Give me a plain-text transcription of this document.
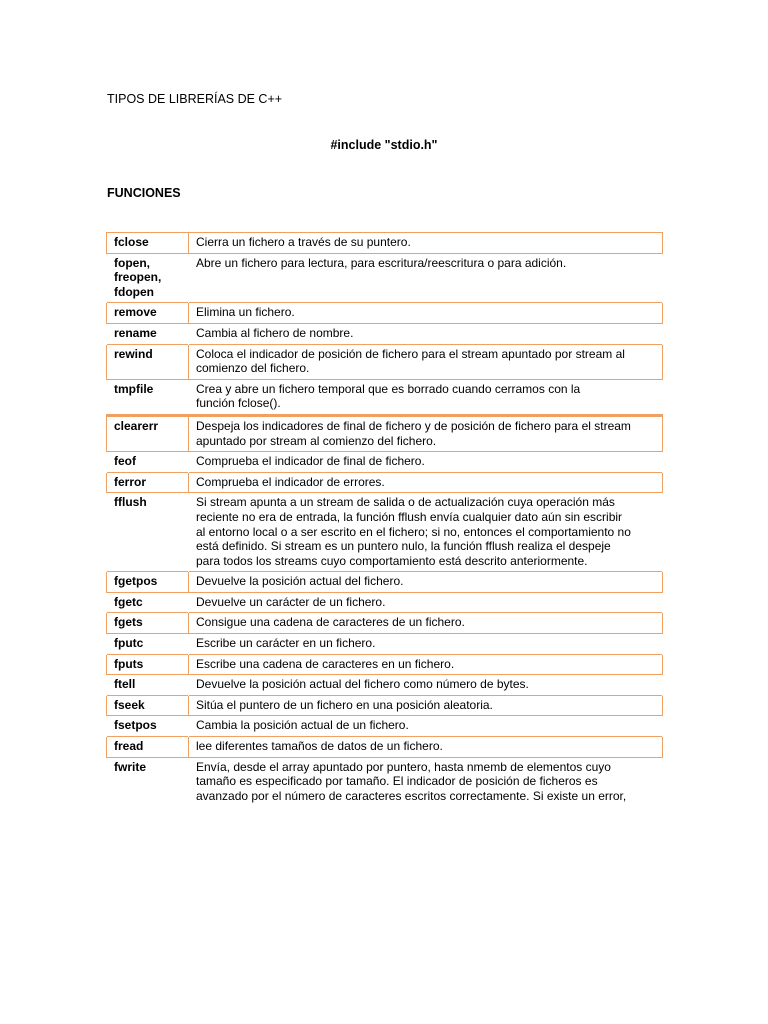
TIPOS DE LIBRERÍAS DE C++
#include "stdio.h"
FUNCIONES
fclose	Cierra un fichero a través de su puntero.

fopen,
freopen,
fdopen	Abre un fichero para lectura, para escritura/reescritura o para adición.

remove	Elimina un fichero.

rename	Cambia al fichero de nombre.

rewind	Coloca el indicador de posición de fichero para el stream apuntado por stream al
comienzo del fichero.

tmpfile	Crea y abre un fichero temporal que es borrado cuando cerramos con la
función fclose().

clearerr	Despeja los indicadores de final de fichero y de posición de fichero para el stream
apuntado por stream al comienzo del fichero.

feof	Comprueba el indicador de final de fichero.

ferror	Comprueba el indicador de errores.

fflush	Si stream apunta a un stream de salida o de actualización cuya operación más
reciente no era de entrada, la función fflush envía cualquier dato aún sin escribir
al entorno local o a ser escrito en el fichero; si no, entonces el comportamiento no
está definido. Si stream es un puntero nulo, la función fflush realiza el despeje
para todos los streams cuyo comportamiento está descrito anteriormente.

fgetpos	Devuelve la posición actual del fichero.

fgetc	Devuelve un carácter de un fichero.

fgets	Consigue una cadena de caracteres de un fichero.

fputc	Escribe un carácter en un fichero.

fputs	Escribe una cadena de caracteres en un fichero.

ftell	Devuelve la posición actual del fichero como número de bytes.

fseek	Sitúa el puntero de un fichero en una posición aleatoria.

fsetpos	Cambia la posición actual de un fichero.

fread	lee diferentes tamaños de datos de un fichero.

fwrite	Envía, desde el array apuntado por puntero, hasta nmemb de elementos cuyo
tamaño es especificado por tamaño. El indicador de posición de ficheros es
avanzado por el número de caracteres escritos correctamente. Si existe un error,
